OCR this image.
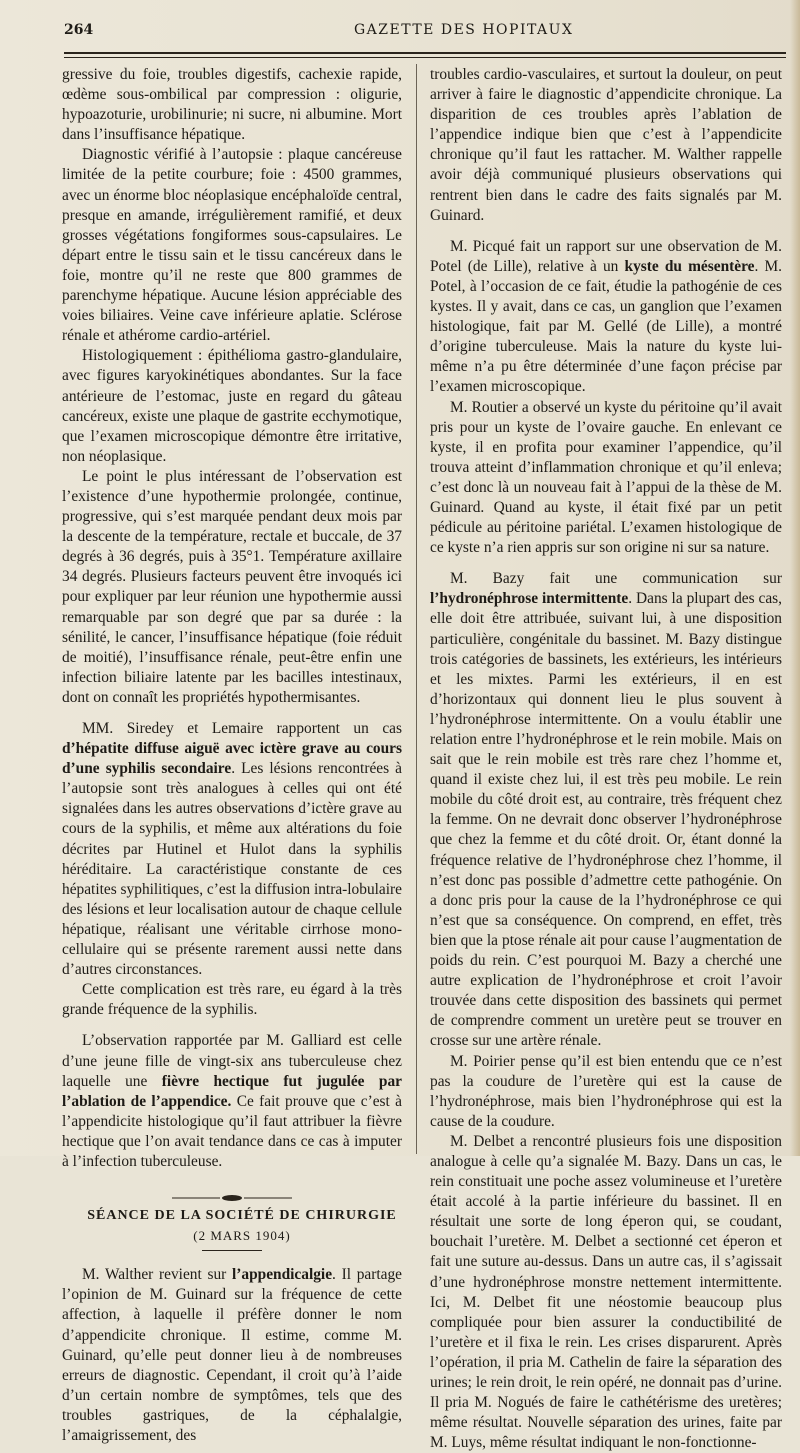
264	GAZETTE DES HOPITAUX

gressive du foie, troubles digestifs, cachexie rapide, œdème sous-ombilical par compression : oligurie, hypoazoturie, urobilinurie; ni sucre, ni albumine. Mort dans l’insuffisance hépatique.

Diagnostic vérifié à l’autopsie : plaque cancéreuse limitée de la petite courbure; foie : 4500 grammes, avec un énorme bloc néoplasique encéphaloïde central, presque en amande, irrégulièrement ramifié, et deux grosses végétations fongiformes sous-capsulaires. Le départ entre le tissu sain et le tissu cancéreux dans le foie, montre qu’il ne reste que 800 grammes de parenchyme hépatique. Aucune lésion appréciable des voies biliaires. Veine cave inférieure aplatie. Sclérose rénale et athérome cardio-artériel.

Histologiquement : épithélioma gastro-glandulaire, avec figures karyokinétiques abondantes. Sur la face antérieure de l’estomac, juste en regard du gâteau cancéreux, existe une plaque de gastrite ecchymotique, que l’examen microscopique démontre être irritative, non néoplasique.

Le point le plus intéressant de l’observation est l’existence d’une hypothermie prolongée, continue, progressive, qui s’est marquée pendant deux mois par la descente de la température, rectale et buccale, de 37 degrés à 36 degrés, puis à 35°1. Température axillaire 34 degrés. Plusieurs facteurs peuvent être invoqués ici pour expliquer par leur réunion une hypothermie aussi remarquable par son degré que par sa durée : la sénilité, le cancer, l’insuffisance hépatique (foie réduit de moitié), l’insuffisance rénale, peut-être enfin une infection biliaire latente par les bacilles intestinaux, dont on connaît les propriétés hypothermisantes.

MM. Siredey et Lemaire rapportent un cas d’hépatite diffuse aiguë avec ictère grave au cours d’une syphilis secondaire. Les lésions rencontrées à l’autopsie sont très analogues à celles qui ont été signalées dans les autres observations d’ictère grave au cours de la syphilis, et même aux altérations du foie décrites par Hutinel et Hulot dans la syphilis héréditaire. La caractéristique constante de ces hépatites syphilitiques, c’est la diffusion intra-lobulaire des lésions et leur localisation autour de chaque cellule hépatique, réalisant une véritable cirrhose mono-cellulaire qui se présente rarement aussi nette dans d’autres circonstances.

Cette complication est très rare, eu égard à la très grande fréquence de la syphilis.

L’observation rapportée par M. Galliard est celle d’une jeune fille de vingt-six ans tuberculeuse chez laquelle une fièvre hectique fut jugulée par l’ablation de l’appendice. Ce fait prouve que c’est à l’appendicite histologique qu’il faut attribuer la fièvre hectique que l’on avait tendance dans ce cas à imputer à l’infection tuberculeuse.

SÉANCE DE LA SOCIÉTÉ DE CHIRURGIE

(2 MARS 1904)

M. Walther revient sur l’appendicalgie. Il partage l’opinion de M. Guinard sur la fréquence de cette affection, à laquelle il préfère donner le nom d’appendicite chronique. Il estime, comme M. Guinard, qu’elle peut donner lieu à de nombreuses erreurs de diagnostic. Cependant, il croit qu’à l’aide d’un certain nombre de symptômes, tels que des troubles gastriques, de la céphalalgie, l’amaigrissement, des

troubles cardio-vasculaires, et surtout la douleur, on peut arriver à faire le diagnostic d’appendicite chronique. La disparition de ces troubles après l’ablation de l’appendice indique bien que c’est à l’appendicite chronique qu’il faut les rattacher. M. Walther rappelle avoir déjà communiqué plusieurs observations qui rentrent bien dans le cadre des faits signalés par M. Guinard.

M. Picqué fait un rapport sur une observation de M. Potel (de Lille), relative à un kyste du mésentère. M. Potel, à l’occasion de ce fait, étudie la pathogénie de ces kystes. Il y avait, dans ce cas, un ganglion que l’examen histologique, fait par M. Gellé (de Lille), a montré d’origine tuberculeuse. Mais la nature du kyste lui-même n’a pu être déterminée d’une façon précise par l’examen microscopique.

M. Routier a observé un kyste du péritoine qu’il avait pris pour un kyste de l’ovaire gauche. En enlevant ce kyste, il en profita pour examiner l’appendice, qu’il trouva atteint d’inflammation chronique et qu’il enleva; c’est donc là un nouveau fait à l’appui de la thèse de M. Guinard. Quand au kyste, il était fixé par un petit pédicule au péritoine pariétal. L’examen histologique de ce kyste n’a rien appris sur son origine ni sur sa nature.

M. Bazy fait une communication sur l’hydronéphrose intermittente. Dans la plupart des cas, elle doit être attribuée, suivant lui, à une disposition particulière, congénitale du bassinet. M. Bazy distingue trois catégories de bassinets, les extérieurs, les intérieurs et les mixtes. Parmi les extérieurs, il en est d’horizontaux qui donnent lieu le plus souvent à l’hydronéphrose intermittente. On a voulu établir une relation entre l’hydronéphrose et le rein mobile. Mais on sait que le rein mobile est très rare chez l’homme et, quand il existe chez lui, il est très peu mobile. Le rein mobile du côté droit est, au contraire, très fréquent chez la femme. On ne devrait donc observer l’hydronéphrose que chez la femme et du côté droit. Or, étant donné la fréquence relative de l’hydronéphrose chez l’homme, il n’est donc pas possible d’admettre cette pathogénie. On a donc pris pour la cause de la l’hydronéphrose ce qui n’est que sa conséquence. On comprend, en effet, très bien que la ptose rénale ait pour cause l’augmentation de poids du rein. C’est pourquoi M. Bazy a cherché une autre explication de l’hydronéphrose et croit l’avoir trouvée dans cette disposition des bassinets qui permet de comprendre comment un uretère peut se trouver en crosse sur une artère rénale.

M. Poirier pense qu’il est bien entendu que ce n’est pas la coudure de l’uretère qui est la cause de l’hydronéphrose, mais bien l’hydronéphrose qui est la cause de la coudure.

M. Delbet a rencontré plusieurs fois une disposition analogue à celle qu’a signalée M. Bazy. Dans un cas, le rein constituait une poche assez volumineuse et l’uretère était accolé à la partie inférieure du bassinet. Il en résultait une sorte de long éperon qui, se coudant, bouchait l’uretère. M. Delbet a sectionné cet éperon et fait une suture au-dessus. Dans un autre cas, il s’agissait d’une hydronéphrose monstre nettement intermittente. Ici, M. Delbet fit une néostomie beaucoup plus compliquée pour bien assurer la conductibilité de l’uretère et il fixa le rein. Les crises disparurent. Après l’opération, il pria M. Cathelin de faire la séparation des urines; le rein droit, le rein opéré, ne donnait pas d’urine. Il pria M. Nogués de faire le cathétérisme des uretères; même résultat. Nouvelle séparation des urines, faite par M. Luys, même résultat indiquant le non-fonctionne-
